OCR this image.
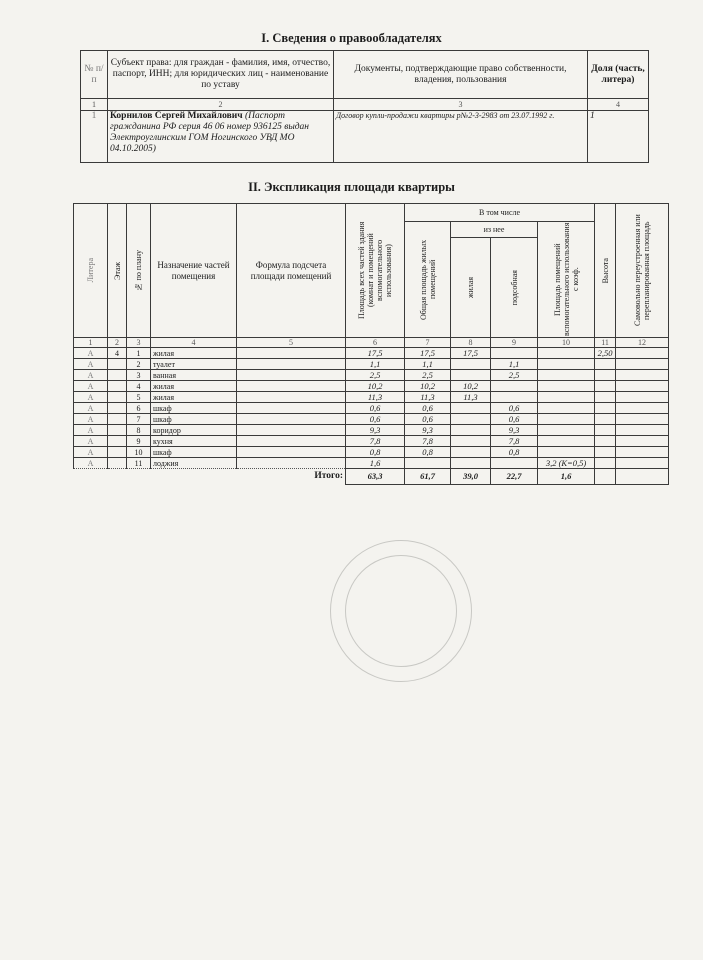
I. Сведения о правообладателях
№ п/п	Субъект права: для граждан - фамилия, имя, отчество, паспорт, ИНН; для юридических лиц - наименование по уставу	Документы, подтверждающие право собственности, владения, пользования	Доля (часть, литера)
1	2	3	4
1	Корнилов Сергей Михайлович (Паспорт гражданина РФ серия 46 06 номер 936125 выдан Электроуглинским ГОМ Ногинского УВД МО 04.10.2005)	Договор купли-продажи квартиры р№2-3-2983 от 23.07.1992 г.	1
II. Экспликация площади квартиры
Литера	Этаж	№ по плану	Назначение частей помещения	Формула подсчета площади помещений	Площадь всех частей здания (комнат и помещений вспомогательного использования)	В том числе				Высота	Самовольно переустроенная или перепланированная площадь

						Общая площадь жилых помещений	из нее		Площадь помещений вспомогательного использования с коэф.		

							жилая	подсобная			

1	2	3	4	5	6	7	8	9	10	11	12
А	4	1	жилая		17,5	17,5	17,5			2,50	
А		2	туалет		1,1	1,1		1,1			
А		3	ванная		2,5	2,5		2,5			
А		4	жилая		10,2	10,2	10,2				
А		5	жилая		11,3	11,3	11,3				
А		6	шкаф		0,6	0,6		0,6			
А		7	шкаф		0,6	0,6		0,6			
А		8	коридор		9,3	9,3		9,3			
А		9	кухня		7,8	7,8		7,8			
А		10	шкаф		0,8	0,8		0,8			
А		11	лоджия		1,6				3,2 (К=0,5)		
				Итого:	63,3	61,7	39,0	22,7	1,6		
